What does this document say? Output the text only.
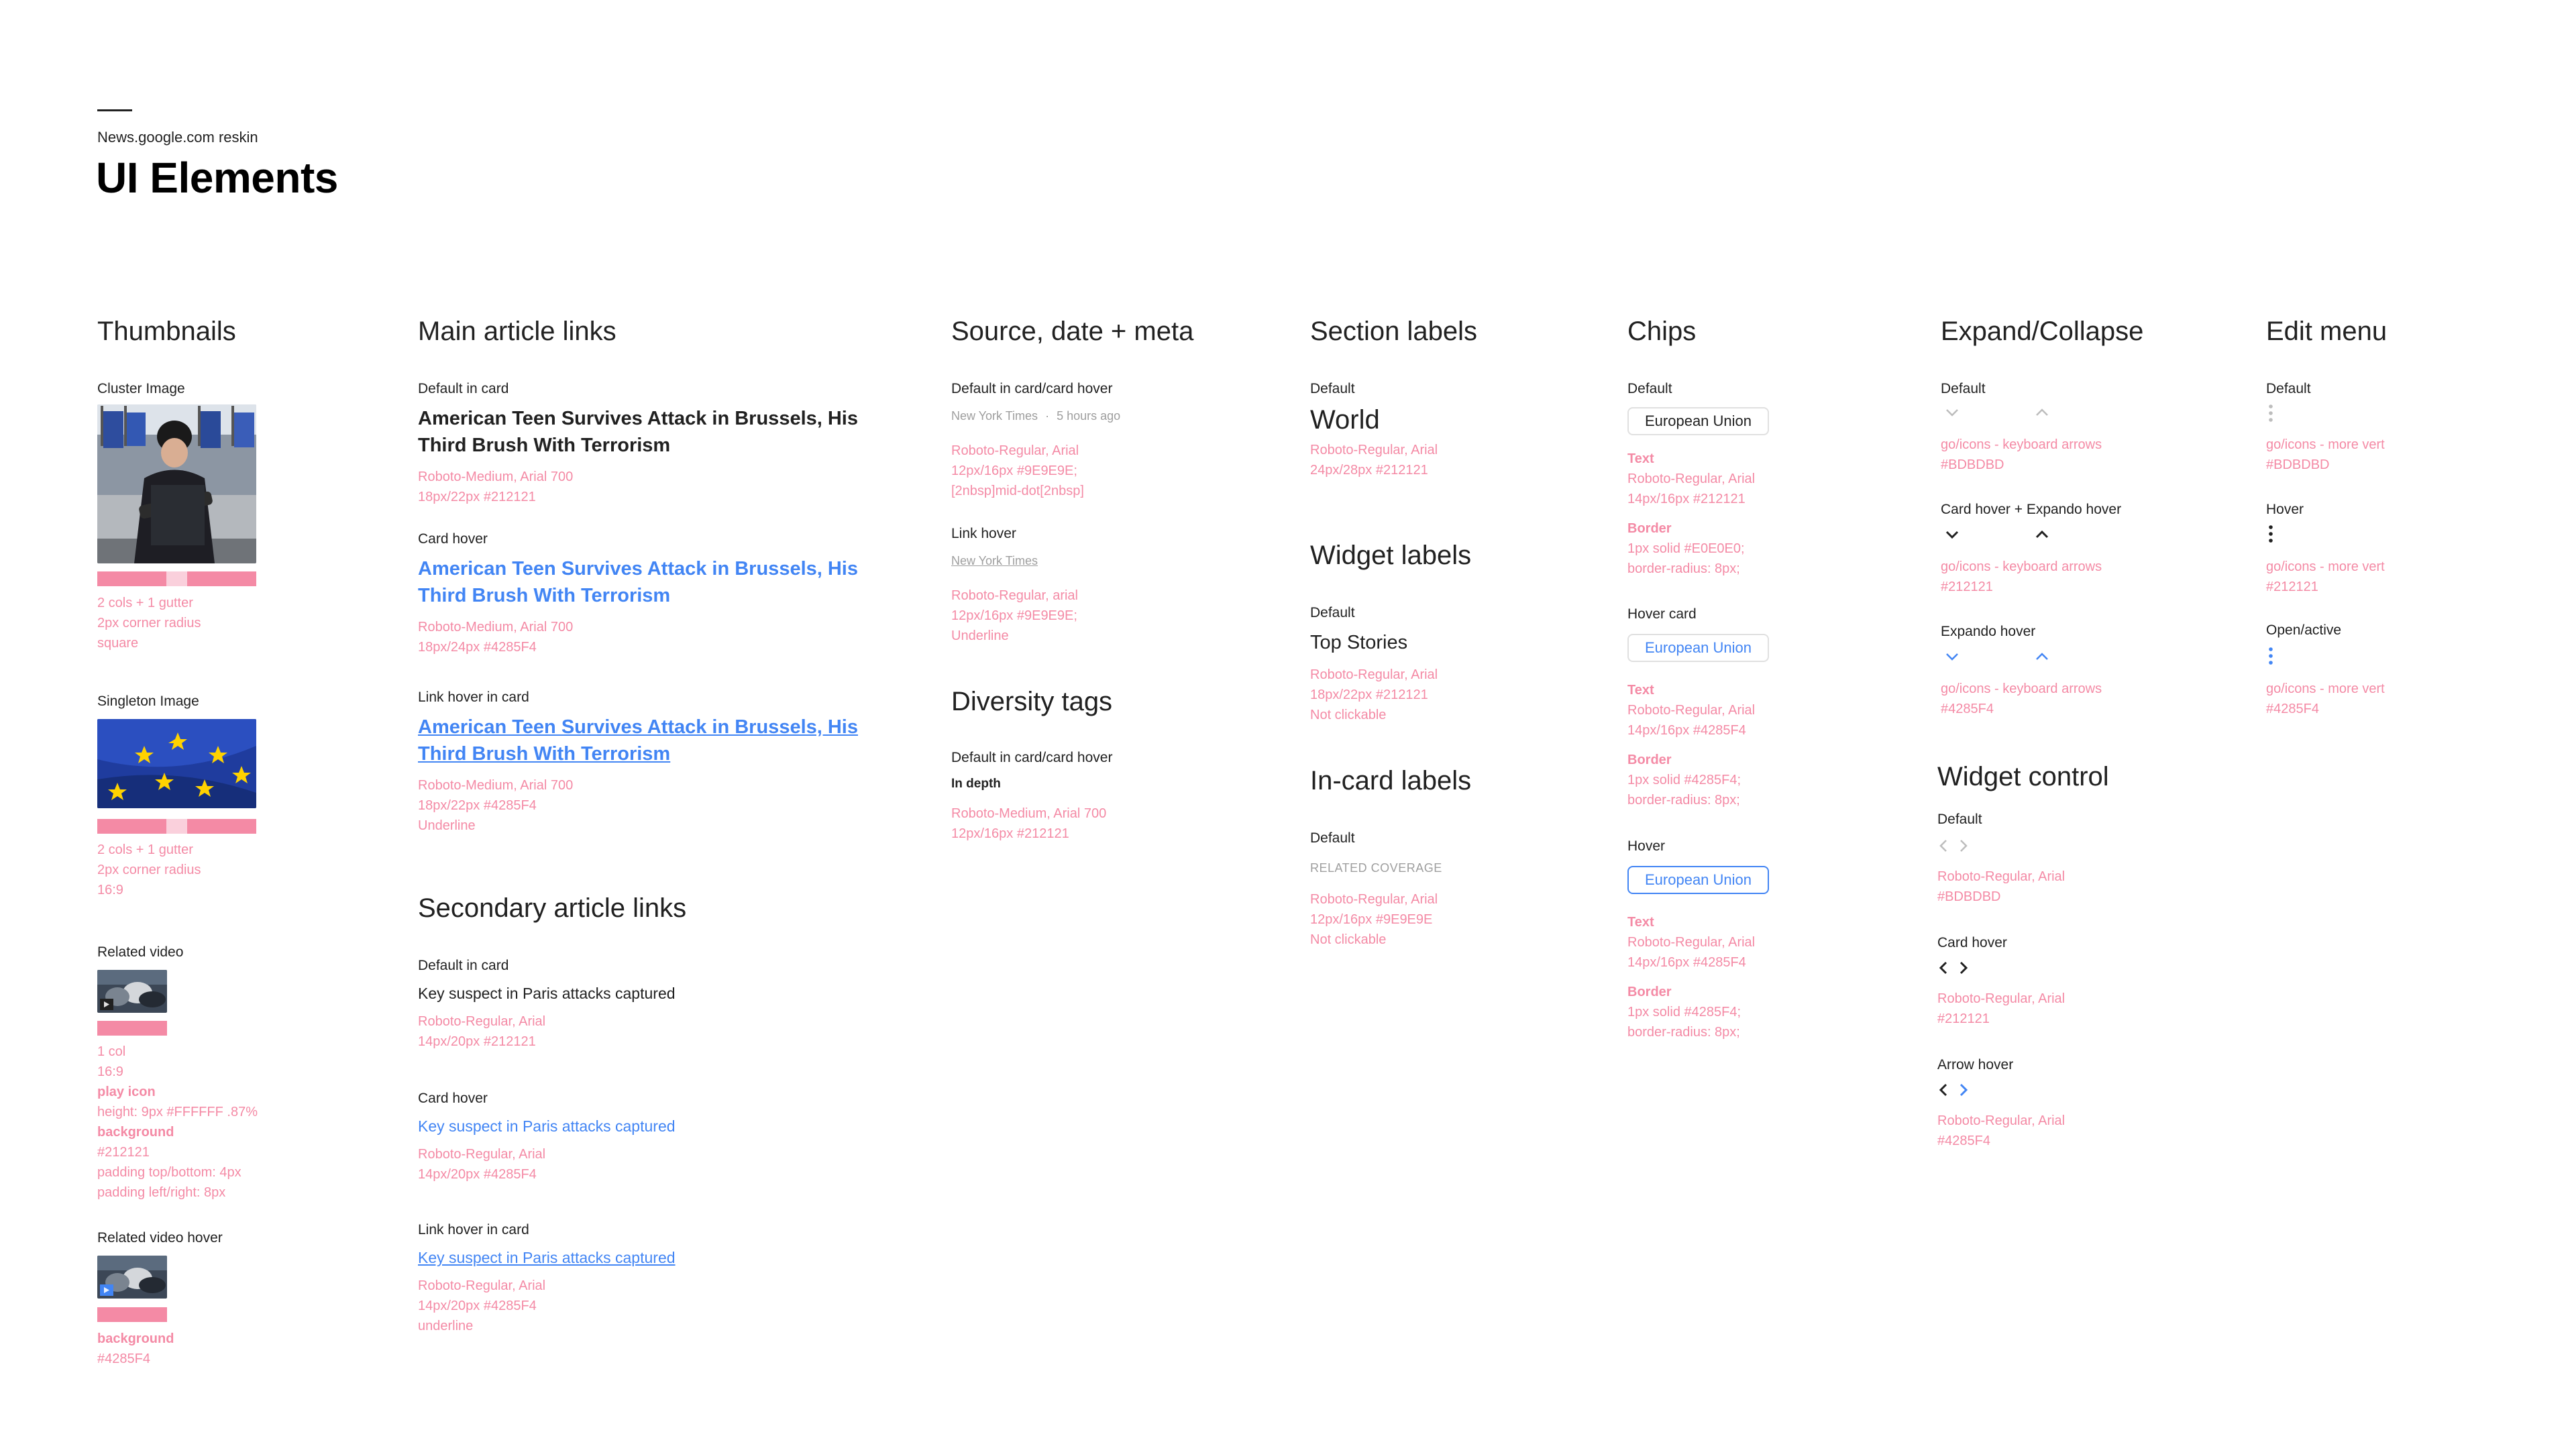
News.google.com reskin
UI Elements
Thumbnails
Cluster Image
2 cols + 1 gutter
2px corner radius
square
Singleton Image
2 cols + 1 gutter
2px corner radius
16:9
Related video
1 col
16:9
play icon
height: 9px #FFFFFF .87%
background
#212121
padding top/bottom: 4px
padding left/right: 8px
Related video hover
background
#4285F4
Main article links
Default in card
American Teen Survives Attack in Brussels, His
Third Brush With Terrorism
Roboto-Medium, Arial 700
18px/22px #212121
Card hover
American Teen Survives Attack in Brussels, His
Third Brush With Terrorism
Roboto-Medium, Arial 700
18px/24px #4285F4
Link hover in card
American Teen Survives Attack in Brussels, His
Third Brush With Terrorism
Roboto-Medium, Arial 700
18px/22px #4285F4
Underline
Secondary article links
Default in card
Key suspect in Paris attacks captured
Roboto-Regular, Arial
14px/20px #212121
Card hover
Key suspect in Paris attacks captured
Roboto-Regular, Arial
14px/20px #4285F4
Link hover in card
Key suspect in Paris attacks captured
Roboto-Regular, Arial
14px/20px #4285F4
underline
Source, date + meta
Default in card/card hover
New York Times · 5 hours ago
Roboto-Regular, Arial
12px/16px #9E9E9E;
[2nbsp]mid-dot[2nbsp]
Link hover
New York Times
Roboto-Regular, arial
12px/16px #9E9E9E;
Underline
Diversity tags
Default in card/card hover
In depth
Roboto-Medium, Arial 700
12px/16px #212121
Section labels
Default
World
Roboto-Regular, Arial
24px/28px #212121
Widget labels
Default
Top Stories
Roboto-Regular, Arial
18px/22px #212121
Not clickable
In-card labels
Default
RELATED COVERAGE
Roboto-Regular, Arial
12px/16px #9E9E9E
Not clickable
Chips
Default
European Union
Text
Roboto-Regular, Arial
14px/16px #212121
Border
1px solid #E0E0E0;
border-radius: 8px;
Hover card
European Union
Text
Roboto-Regular, Arial
14px/16px #4285F4
Border
1px solid #4285F4;
border-radius: 8px;
Hover
European Union
Text
Roboto-Regular, Arial
14px/16px #4285F4
Border
1px solid #4285F4;
border-radius: 8px;
Expand/Collapse
Default
go/icons - keyboard arrows
#BDBDBD
Card hover + Expando hover
go/icons - keyboard arrows
#212121
Expando hover
go/icons - keyboard arrows
#4285F4
Widget control
Default
Roboto-Regular, Arial
#BDBDBD
Card hover
Roboto-Regular, Arial
#212121
Arrow hover
Roboto-Regular, Arial
#4285F4
Edit menu
Default
go/icons - more vert
#BDBDBD
Hover
go/icons - more vert
#212121
Open/active
go/icons - more vert
#4285F4
